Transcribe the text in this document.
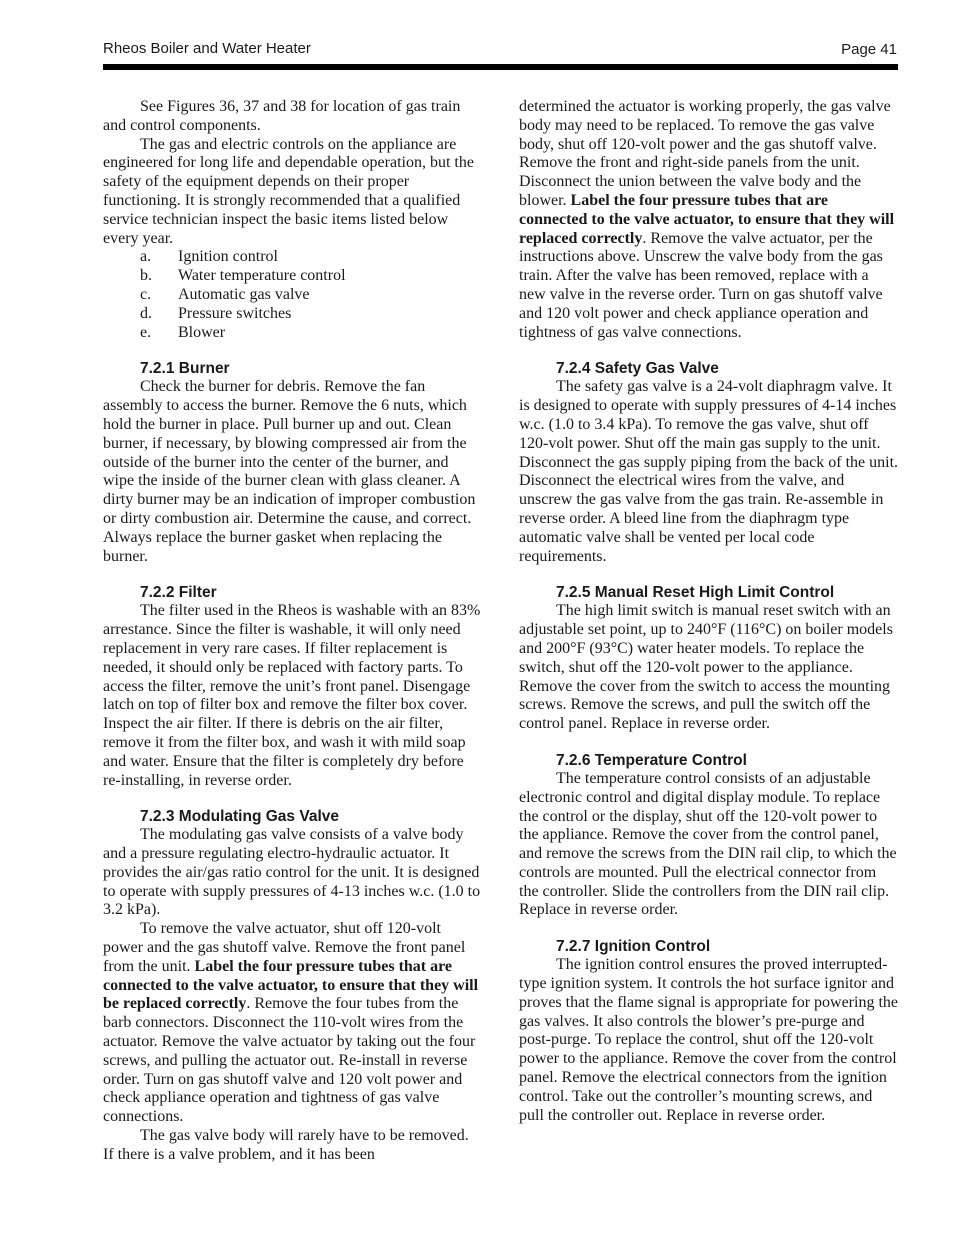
Rheos Boiler and Water Heater	Page 41

See Figures 36, 37 and 38 for location of gas train and control components.

The gas and electric controls on the appliance are engineered for long life and dependable operation, but the safety of the equipment depends on their proper functioning. It is strongly recommended that a qualified service technician inspect the basic items listed below every year.

a. Ignition control
b. Water temperature control
c. Automatic gas valve
d. Pressure switches
e. Blower
7.2.1 Burner

Check the burner for debris. Remove the fan assembly to access the burner. Remove the 6 nuts, which hold the burner in place. Pull burner up and out. Clean burner, if necessary, by blowing compressed air from the outside of the burner into the center of the burner, and wipe the inside of the burner clean with glass cleaner. A dirty burner may be an indication of improper combustion or dirty combustion air. Determine the cause, and correct. Always replace the burner gasket when replacing the burner.

7.2.2 Filter

The filter used in the Rheos is washable with an 83% arrestance. Since the filter is washable, it will only need replacement in very rare cases. If filter replacement is needed, it should only be replaced with factory parts. To access the filter, remove the unit’s front panel. Disengage latch on top of filter box and remove the filter box cover. Inspect the air filter. If there is debris on the air filter, remove it from the filter box, and wash it with mild soap and water. Ensure that the filter is completely dry before re-installing, in reverse order.

7.2.3 Modulating Gas Valve

The modulating gas valve consists of a valve body and a pressure regulating electro-hydraulic actuator. It provides the air/gas ratio control for the unit. It is designed to operate with supply pressures of 4-13 inches w.c. (1.0 to 3.2 kPa).

To remove the valve actuator, shut off 120-volt power and the gas shutoff valve. Remove the front panel from the unit. Label the four pressure tubes that are connected to the valve actuator, to ensure that they will be replaced correctly. Remove the four tubes from the barb connectors. Disconnect the 110-volt wires from the actuator. Remove the valve actuator by taking out the four screws, and pulling the actuator out. Re-install in reverse order. Turn on gas shutoff valve and 120 volt power and check appliance operation and tightness of gas valve connections.

The gas valve body will rarely have to be removed. If there is a valve problem, and it has been

determined the actuator is working properly, the gas valve body may need to be replaced. To remove the gas valve body, shut off 120-volt power and the gas shutoff valve. Remove the front and right-side panels from the unit. Disconnect the union between the valve body and the blower. Label the four pressure tubes that are connected to the valve actuator, to ensure that they will replaced correctly. Remove the valve actuator, per the instructions above. Unscrew the valve body from the gas train. After the valve has been removed, replace with a new valve in the reverse order. Turn on gas shutoff valve and 120 volt power and check appliance operation and tightness of gas valve connections.

7.2.4 Safety Gas Valve

The safety gas valve is a 24-volt diaphragm valve. It is designed to operate with supply pressures of 4-14 inches w.c. (1.0 to 3.4 kPa). To remove the gas valve, shut off 120-volt power. Shut off the main gas supply to the unit. Disconnect the gas supply piping from the back of the unit. Disconnect the electrical wires from the valve, and unscrew the gas valve from the gas train. Re-assemble in reverse order. A bleed line from the diaphragm type automatic valve shall be vented per local code requirements.

7.2.5 Manual Reset High Limit Control

The high limit switch is manual reset switch with an adjustable set point, up to 240°F (116°C) on boiler models and 200°F (93°C) water heater models. To replace the switch, shut off the 120-volt power to the appliance. Remove the cover from the switch to access the mounting screws. Remove the screws, and pull the switch off the control panel. Replace in reverse order.

7.2.6 Temperature Control

The temperature control consists of an adjustable electronic control and digital display module. To replace the control or the display, shut off the 120-volt power to the appliance. Remove the cover from the control panel, and remove the screws from the DIN rail clip, to which the controls are mounted. Pull the electrical connector from the controller. Slide the controllers from the DIN rail clip. Replace in reverse order.

7.2.7 Ignition Control

The ignition control ensures the proved interrupted-type ignition system. It controls the hot surface ignitor and proves that the flame signal is appropriate for powering the gas valves. It also controls the blower’s pre-purge and post-purge. To replace the control, shut off the 120-volt power to the appliance. Remove the cover from the control panel. Remove the electrical connectors from the ignition control. Take out the controller’s mounting screws, and pull the controller out. Replace in reverse order.
